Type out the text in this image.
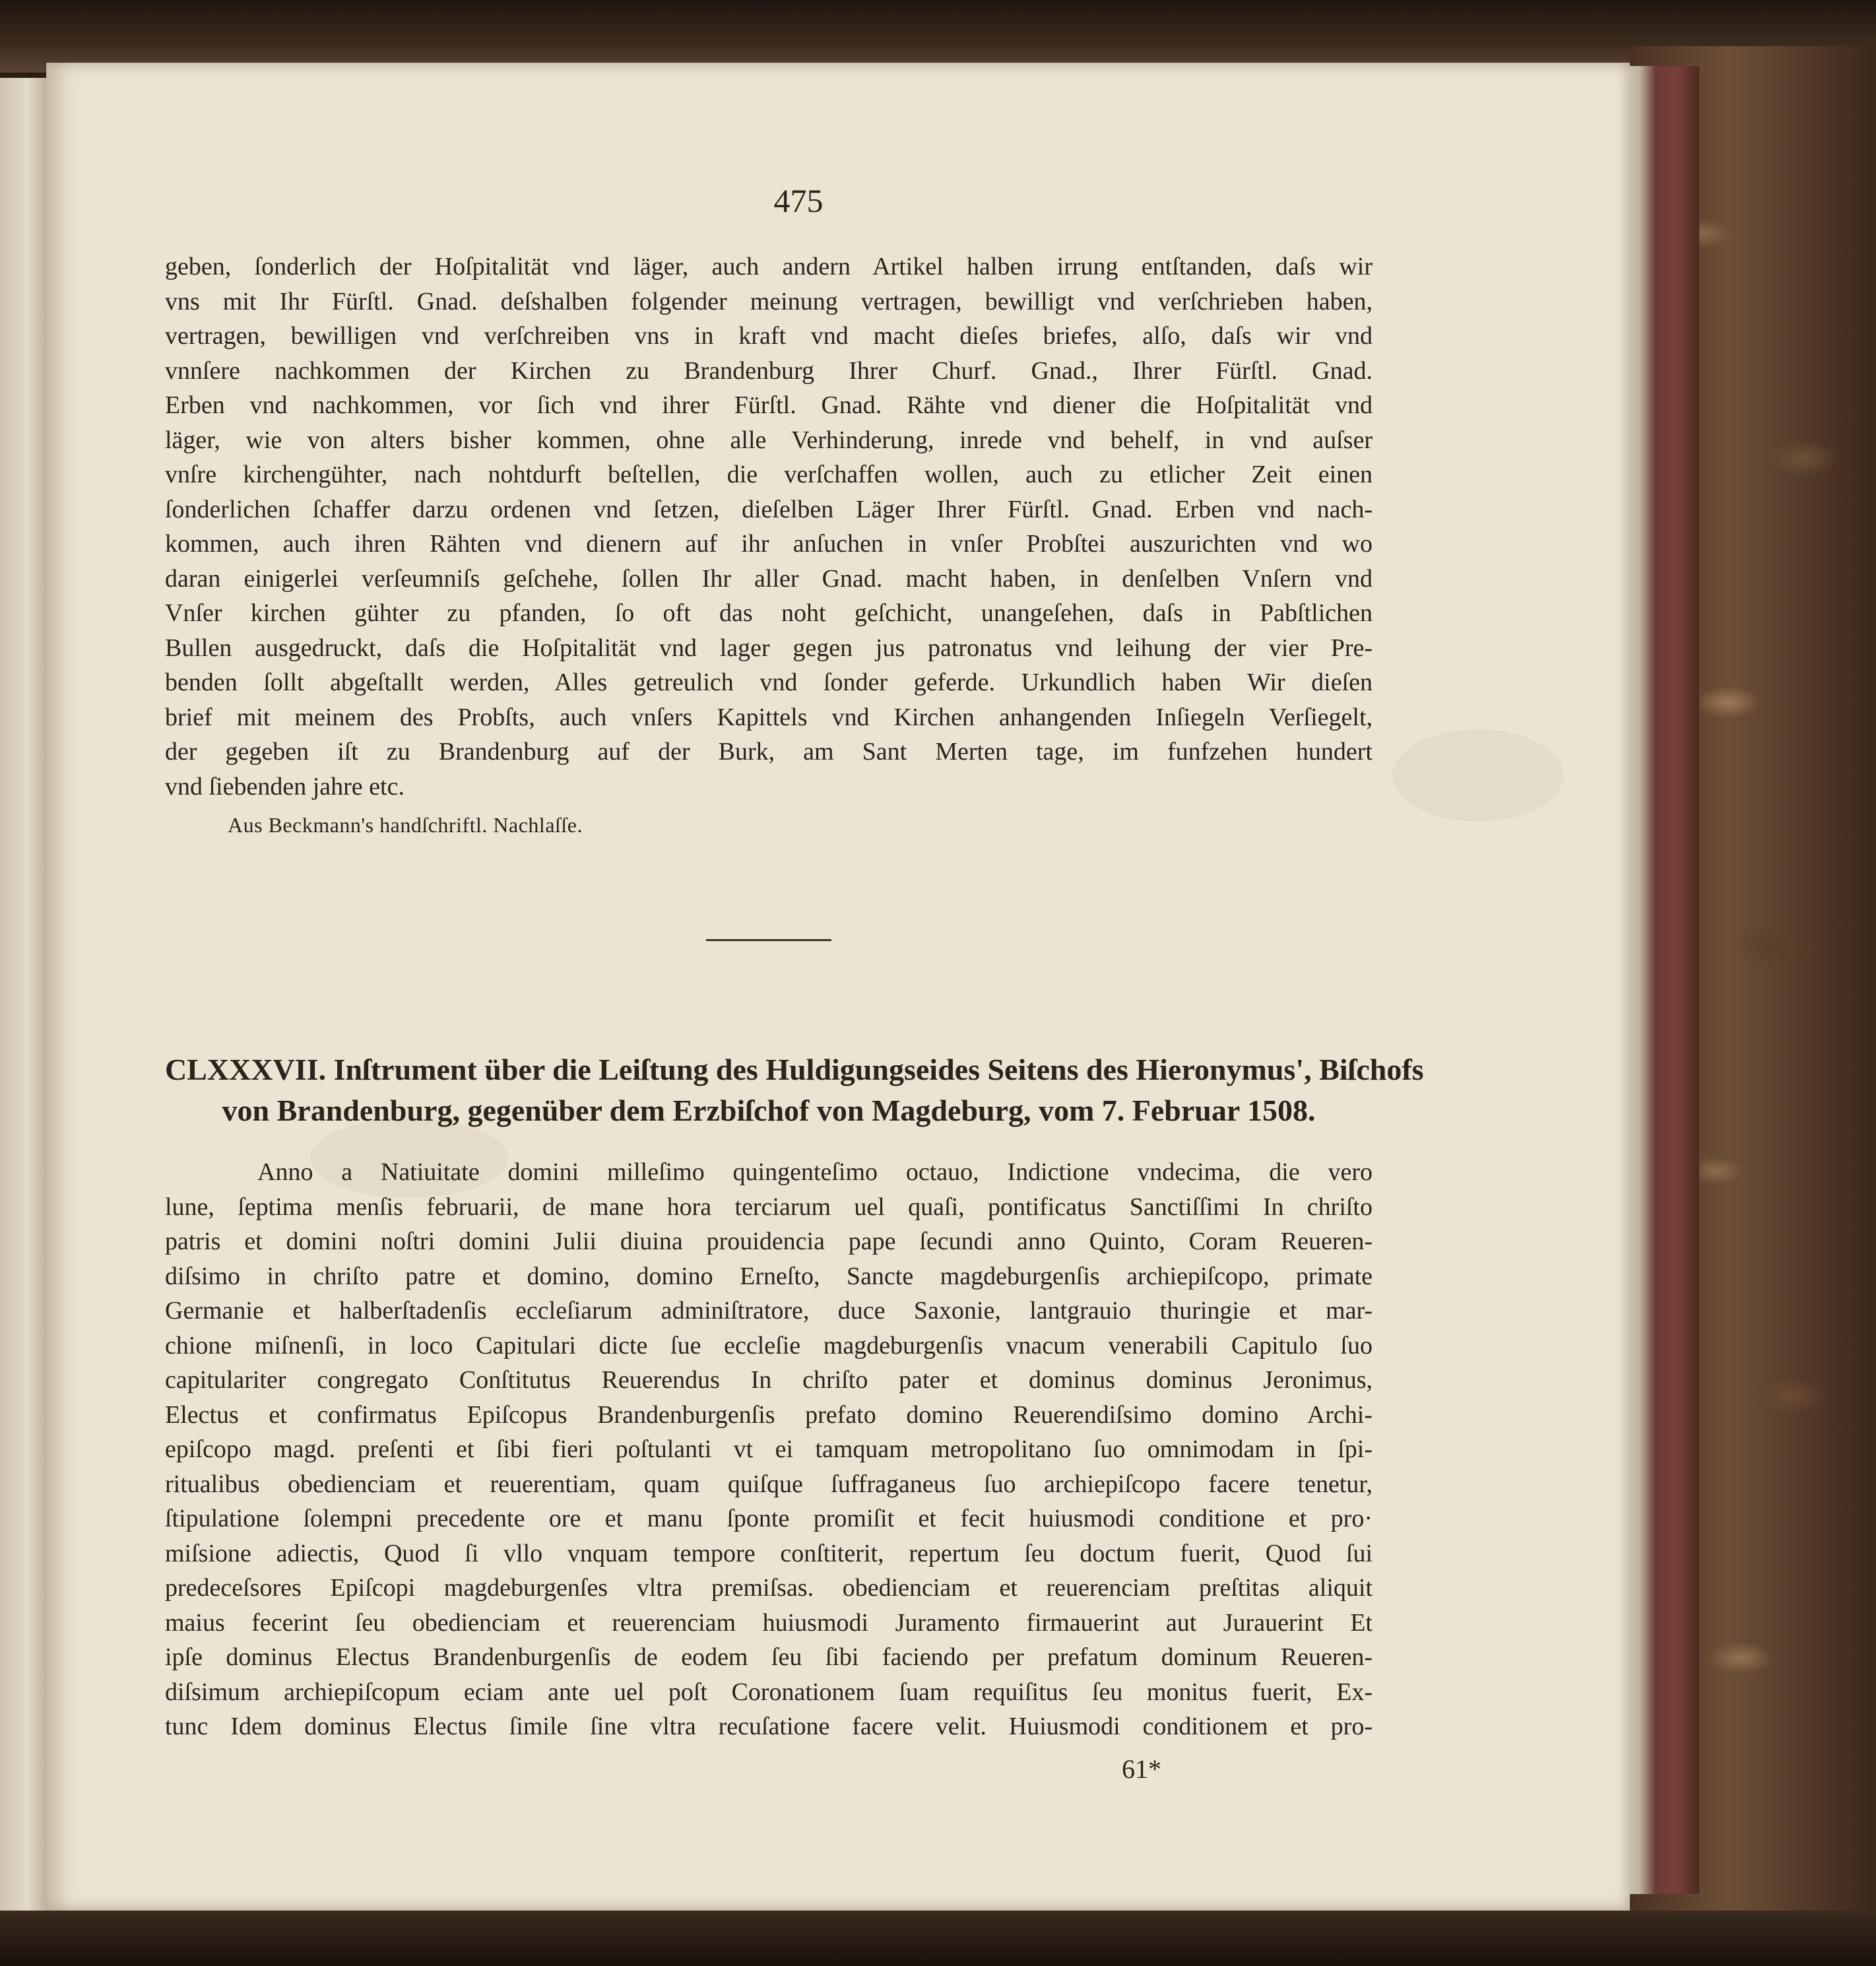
475
geben, ſonderlich der Hoſpitalität vnd läger, auch andern Artikel halben irrung entſtanden, daſs wir
vns mit Ihr Fürſtl. Gnad. deſshalben folgender meinung vertragen, bewilligt vnd verſchrieben haben,
vertragen, bewilligen vnd verſchreiben vns in kraft vnd macht dieſes briefes, alſo, daſs wir vnd
vnnſere nachkommen der Kirchen zu Brandenburg Ihrer Churf. Gnad., Ihrer Fürſtl. Gnad.
Erben vnd nachkommen, vor ſich vnd ihrer Fürſtl. Gnad. Rähte vnd diener die Hoſpitalität vnd
läger, wie von alters bisher kommen, ohne alle Verhinderung, inrede vnd behelf, in vnd auſser
vnſre kirchengühter, nach nohtdurft beſtellen, die verſchaffen wollen, auch zu etlicher Zeit einen
ſonderlichen ſchaffer darzu ordenen vnd ſetzen, dieſelben Läger Ihrer Fürſtl. Gnad. Erben vnd nach-
kommen, auch ihren Rähten vnd dienern auf ihr anſuchen in vnſer Probſtei auszurichten vnd wo
daran einigerlei verſeumniſs geſchehe, ſollen Ihr aller Gnad. macht haben, in denſelben Vnſern vnd
Vnſer kirchen gühter zu pfanden, ſo oft das noht geſchicht, unangeſehen, daſs in Pabſtlichen
Bullen ausgedruckt, daſs die Hoſpitalität vnd lager gegen jus patronatus vnd leihung der vier Pre-
benden ſollt abgeſtallt werden, Alles getreulich vnd ſonder geferde. Urkundlich haben Wir dieſen
brief mit meinem des Probſts, auch vnſers Kapittels vnd Kirchen anhangenden Inſiegeln Verſiegelt,
der gegeben iſt zu Brandenburg auf der Burk, am Sant Merten tage, im funfzehen hundert
vnd ſiebenden jahre etc.
Aus Beckmann's handſchriftl. Nachlaſſe.
CLXXXVII. Inſtrument über die Leiſtung des Huldigungseides Seitens des Hieronymus', Biſchofs
von Brandenburg, gegenüber dem Erzbiſchof von Magdeburg, vom 7. Februar 1508.
Anno a Natiuitate domini milleſimo quingenteſimo octauo, Indictione vndecima, die vero
lune, ſeptima menſis februarii, de mane hora terciarum uel quaſi, pontificatus Sanctiſſimi In chriſto
patris et domini noſtri domini Julii diuina prouidencia pape ſecundi anno Quinto, Coram Reueren-
diſsimo in chriſto patre et domino, domino Erneſto, Sancte magdeburgenſis archiepiſcopo, primate
Germanie et halberſtadenſis eccleſiarum adminiſtratore, duce Saxonie, lantgrauio thuringie et mar-
chione miſnenſi, in loco Capitulari dicte ſue eccleſie magdeburgenſis vnacum venerabili Capitulo ſuo
capitulariter congregato Conſtitutus Reuerendus In chriſto pater et dominus dominus Jeronimus,
Electus et confirmatus Epiſcopus Brandenburgenſis prefato domino Reuerendiſsimo domino Archi-
epiſcopo magd. preſenti et ſibi fieri poſtulanti vt ei tamquam metropolitano ſuo omnimodam in ſpi-
ritualibus obedienciam et reuerentiam, quam quiſque ſuffraganeus ſuo archiepiſcopo facere tenetur,
ſtipulatione ſolempni precedente ore et manu ſponte promiſit et fecit huiusmodi conditione et pro·
miſsione adiectis, Quod ſi vllo vnquam tempore conſtiterit, repertum ſeu doctum fuerit, Quod ſui
predeceſsores Epiſcopi magdeburgenſes vltra premiſsas. obedienciam et reuerenciam preſtitas aliquit
maius fecerint ſeu obedienciam et reuerenciam huiusmodi Juramento firmauerint aut Jurauerint Et
ipſe dominus Electus Brandenburgenſis de eodem ſeu ſibi faciendo per prefatum dominum Reueren-
diſsimum archiepiſcopum eciam ante uel poſt Coronationem ſuam requiſitus ſeu monitus fuerit, Ex-
tunc Idem dominus Electus ſimile ſine vltra recuſatione facere velit. Huiusmodi conditionem et pro-
61*
